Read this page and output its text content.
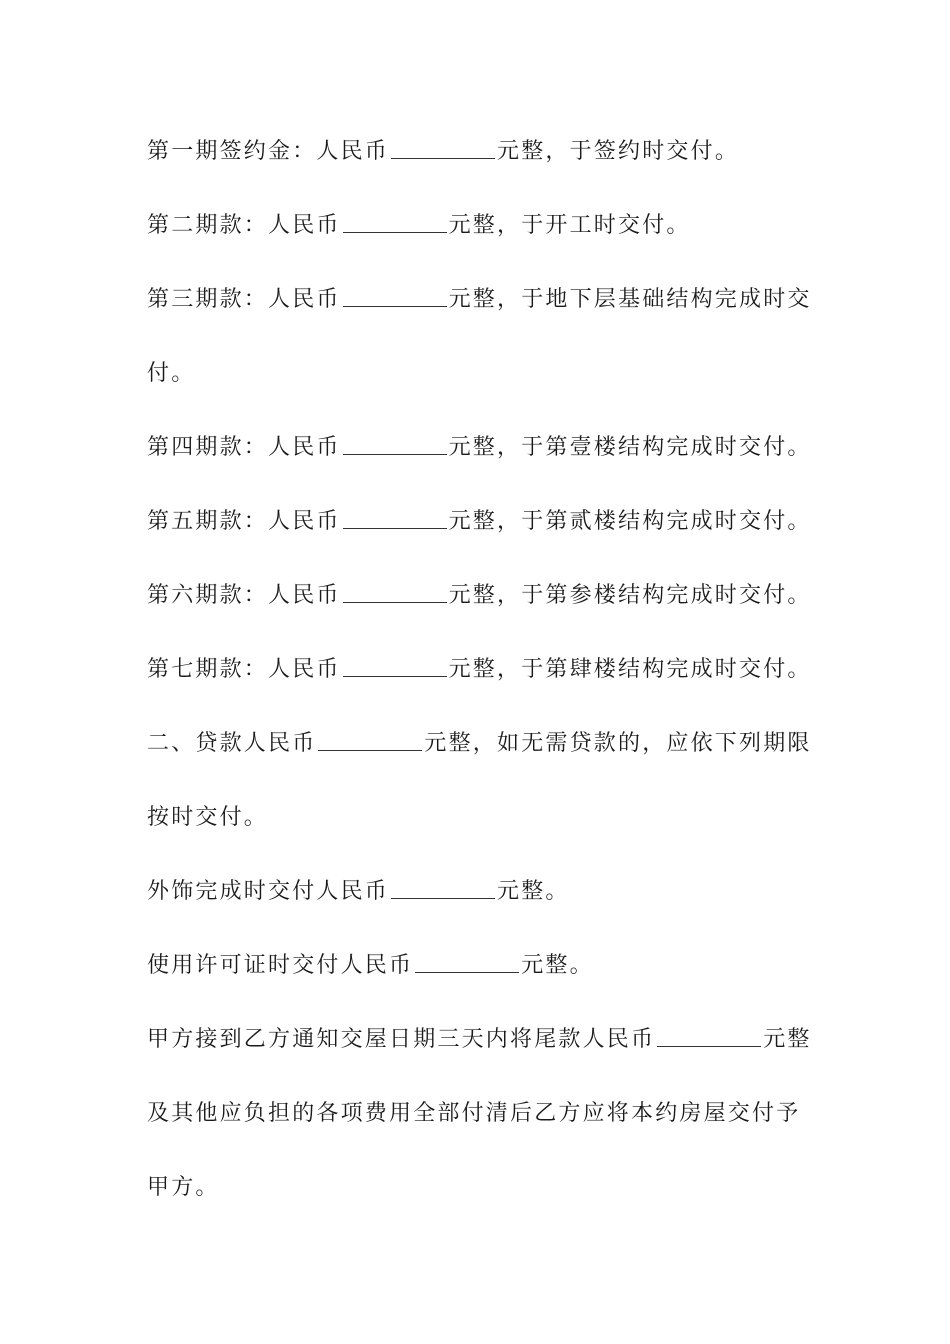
第一期签约金：人民币	元整，于签约时交付。

第二期款：人民币	元整，于开工时交付。

第三期款：人民币	元整，于地下层基础结构完成时交付。

第四期款：人民币	元整，于第壹楼结构完成时交付。

第五期款：人民币	元整，于第贰楼结构完成时交付。

第六期款：人民币	元整，于第参楼结构完成时交付。

第七期款：人民币	元整，于第肆楼结构完成时交付。

二、贷款人民币	元整，如无需贷款的，应依下列期限按时交付。

外饰完成时交付人民币	元整。

使用许可证时交付人民币	元整。

甲方接到乙方通知交屋日期三天内将尾款人民币	元整及其他应负担的各项费用全部付清后乙方应将本约房屋交付予甲方。
